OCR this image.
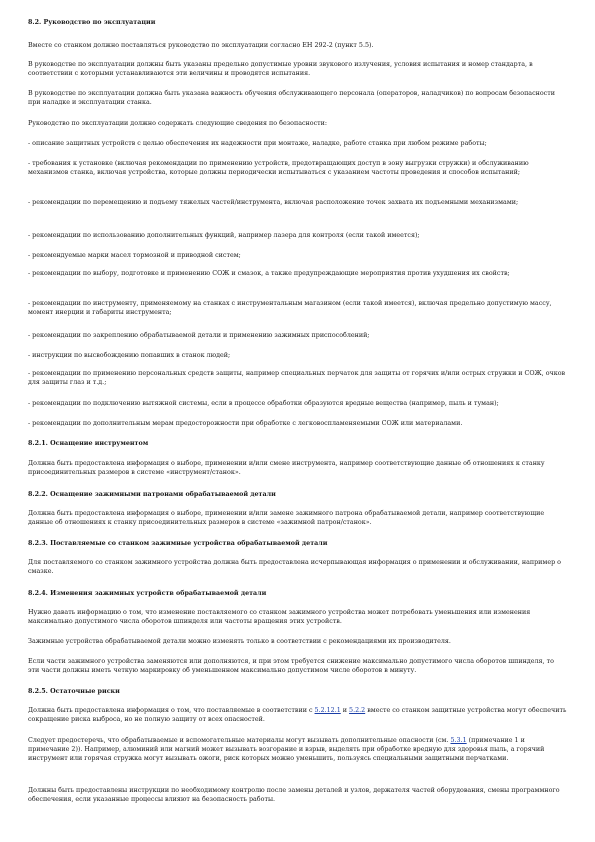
8.2. Руководство по эксплуатации

Вместе со станком должно поставляться руководство по эксплуатации согласно ЕН 292-2 (пункт 5.5).

В руководстве по эксплуатации должны быть указаны предельно допустимые уровни звукового излучения, условия испытания и номер стандарта, в соответствии с которыми устанавливаются эти величины и проводятся испытания.

В руководстве по эксплуатации должна быть указана важность обучения обслуживающего персонала (операторов, наладчиков) по вопросам безопасности при наладке и эксплуатации станка.

Руководство по эксплуатации должно содержать следующие сведения по безопасности:

- описание защитных устройств с целью обеспечения их надежности при монтаже, наладке, работе станка при любом режиме работы;

- требования к установке (включая рекомендации по применению устройств, предотвращающих доступ в зону выгрузки стружки) и обслуживанию механизмов станка, включая устройства, которые должны периодически испытываться с указанием частоты проведения и способов испытаний;

- рекомендации по перемещению и подъему тяжелых частей/инструмента, включая расположение точек захвата их подъемными механизмами;

- рекомендации по использованию дополнительных функций, например лазера для контроля (если такой имеется);

- рекомендуемые марки масел тормозной и приводной систем;

- рекомендации по выбору, подготовке и применению СОЖ и смазок, а также предупреждающие мероприятия против ухудшения их свойств;

- рекомендации по инструменту, применяемому на станках с инструментальным магазином (если такой имеется), включая предельно допустимую массу, момент инерции и габариты инструмента;

- рекомендации по закреплению обрабатываемой детали и применению зажимных приспособлений;

- инструкции по высвобождению попавших в станок людей;

- рекомендации по применению персональных средств защиты, например специальных перчаток для защиты от горячих и/или острых стружки и СОЖ, очков для защиты глаз и т.д.;

- рекомендации по подключению вытяжной системы, если в процессе обработки образуются вредные вещества (например, пыль и туман);

- рекомендации по дополнительным мерам предосторожности при обработке с легковоспламеняемыми СОЖ или материалами.

8.2.1. Оснащение инструментом

Должна быть предоставлена информация о выборе, применении и/или смене инструмента, например соответствующие данные об отношениях к станку присоединительных размеров в системе «инструмент/станок».

8.2.2. Оснащение зажимными патронами обрабатываемой детали

Должна быть предоставлена информация о выборе, применении и/или замене зажимного патрона обрабатываемой детали, например соответствующие данные об отношениях к станку присоединительных размеров в системе «зажимной патрон/станок».

8.2.3. Поставляемые со станком зажимные устройства обрабатываемой детали

Для поставляемого со станком зажимного устройства должна быть предоставлена исчерпывающая информация о применении и обслуживании, например о смазке.

8.2.4. Изменения зажимных устройств обрабатываемой детали

Нужно давать информацию о том, что изменение поставляемого со станком зажимного устройства может потребовать уменьшения или изменения максимально допустимого числа оборотов шпинделя или частоты вращения этих устройств.

Зажимные устройства обрабатываемой детали можно изменять только в соответствии с рекомендациями их производителя.

Если части зажимного устройства заменяются или дополняются, и при этом требуется снижение максимально допустимого числа оборотов шпинделя, то эти части должны иметь четкую маркировку об уменьшенном максимально допустимом числе оборотов в минуту.

8.2.5. Остаточные риски

Должна быть предоставлена информация о том, что поставляемые в соответствии с 5.2.12.1 и 5.2.2 вместе со станком защитные устройства могут обеспечить сокращение риска выброса, но не полную защиту от всех опасностей.

Следует предостеречь, что обрабатываемые и вспомогательные материалы могут вызывать дополнительные опасности (см. 5.3.1 (примечание 1 и примечание 2)). Например, алюминий или магний может вызывать возгорание и взрыв, выделять при обработке вредную для здоровья пыль, а горячий инструмент или горячая стружка могут вызывать ожоги, риск которых можно уменьшить, пользуясь специальными защитными перчатками.

Должны быть предоставлены инструкции по необходимому контролю после замены деталей и узлов, держателя частей оборудования, смены программного обеспечения, если указанные процессы влияют на безопасность работы.
